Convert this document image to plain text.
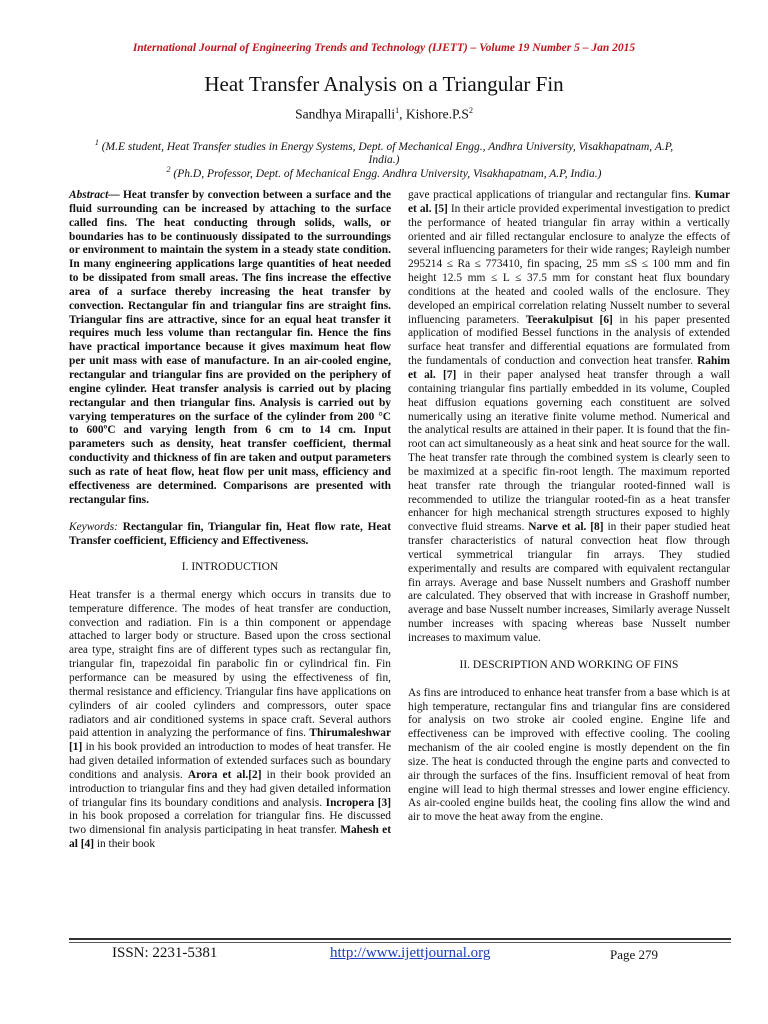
International Journal of Engineering Trends and Technology (IJETT) – Volume 19 Number 5 – Jan 2015
Heat Transfer Analysis on a Triangular Fin
Sandhya Mirapalli$^1$, $Kishore.P.S^2$
$^1$ (M.E student, Heat Transfer studies in Energy Systems, Dept. of Mechanical Engg., Andhra University, Visakhapatnam, A.P, India.)
$^2$ (Ph.D, Professor, Dept. of Mechanical Engg. Andhra University, Visakhapatnam, A.P, India.)

Abstract— Heat transfer by convection between a surface and the fluid surrounding can be increased by attaching to the surface called fins. The heat conducting through solids, walls, or boundaries has to be continuously dissipated to the surroundings or environment to maintain the system in a steady state condition. In many engineering applications large quantities of heat needed to be dissipated from small areas. The fins increase the effective area of a surface thereby increasing the heat transfer by convection. Rectangular fin and triangular fins are straight fins. Triangular fins are attractive, since for an equal heat transfer it requires much less volume than rectangular fin. Hence the fins have practical importance because it gives maximum heat flow per unit mass with ease of manufacture. In an air-cooled engine, rectangular and triangular fins are provided on the periphery of engine cylinder. Heat transfer analysis is carried out by placing rectangular and then triangular fins. Analysis is carried out by varying temperatures on the surface of the cylinder from 200 °C to 600ºC and varying length from 6 cm to 14 cm. Input parameters such as density, heat transfer coefficient, thermal conductivity and thickness of fin are taken and output parameters such as rate of heat flow, heat flow per unit mass, efficiency and effectiveness are determined. Comparisons are presented with rectangular fins.

Keywords: Rectangular fin, Triangular fin, Heat flow rate, Heat Transfer coefficient, Efficiency and Effectiveness.

I. INTRODUCTION

Heat transfer is a thermal energy which occurs in transits due to temperature difference. The modes of heat transfer are conduction, convection and radiation. Fin is a thin component or appendage attached to larger body or structure. Based upon the cross sectional area type, straight fins are of different types such as rectangular fin, triangular fin, trapezoidal fin parabolic fin or cylindrical fin. Fin performance can be measured by using the effectiveness of fin, thermal resistance and efficiency. Triangular fins have applications on cylinders of air cooled cylinders and compressors, outer space radiators and air conditioned systems in space craft. Several authors paid attention in analyzing the performance of fins. Thirumaleshwar [1] in his book provided an introduction to modes of heat transfer. He had given detailed information of extended surfaces such as boundary conditions and analysis. Arora et al.[2] in their book provided an introduction to triangular fins and they had given detailed information of triangular fins its boundary conditions and analysis. Incropera [3] in his book proposed a correlation for triangular fins. He discussed two dimensional fin analysis participating in heat transfer. Mahesh et al [4] in their book

gave practical applications of triangular and rectangular fins. Kumar et al. [5] In their article provided experimental investigation to predict the performance of heated triangular fin array within a vertically oriented and air filled rectangular enclosure to analyze the effects of several influencing parameters for their wide ranges; Rayleigh number 295214 ≤ Ra ≤ 773410, fin spacing, 25 mm ≤S ≤ 100 mm and fin height 12.5 mm ≤ L ≤ 37.5 mm for constant heat flux boundary conditions at the heated and cooled walls of the enclosure. They developed an empirical correlation relating Nusselt number to several influencing parameters. Teerakulpisut [6] in his paper presented application of modified Bessel functions in the analysis of extended surface heat transfer and differential equations are formulated from the fundamentals of conduction and convection heat transfer. Rahim et al. [7] in their paper analysed heat transfer through a wall containing triangular fins partially embedded in its volume, Coupled heat diffusion equations governing each constituent are solved numerically using an iterative finite volume method. Numerical and the analytical results are attained in their paper. It is found that the fin-root can act simultaneously as a heat sink and heat source for the wall. The heat transfer rate through the combined system is clearly seen to be maximized at a specific fin-root length. The maximum reported heat transfer rate through the triangular rooted-finned wall is recommended to utilize the triangular rooted-fin as a heat transfer enhancer for high mechanical strength structures exposed to highly convective fluid streams. Narve et al. [8] in their paper studied heat transfer characteristics of natural convection heat flow through vertical symmetrical triangular fin arrays. They studied experimentally and results are compared with equivalent rectangular fin arrays. Average and base Nusselt numbers and Grashoff number are calculated. They observed that with increase in Grashoff number, average and base Nusselt number increases, Similarly average Nusselt number increases with spacing whereas base Nusselt number increases to maximum value.

II. DESCRIPTION AND WORKING OF FINS

As fins are introduced to enhance heat transfer from a base which is at high temperature, rectangular fins and triangular fins are considered for analysis on two stroke air cooled engine. Engine life and effectiveness can be improved with effective cooling. The cooling mechanism of the air cooled engine is mostly dependent on the fin size. The heat is conducted through the engine parts and convected to air through the surfaces of the fins. Insufficient removal of heat from engine will lead to high thermal stresses and lower engine efficiency. As air-cooled engine builds heat, the cooling fins allow the wind and air to move the heat away from the engine.

ISSN: 2231-5381	http://www.ijettjournal.org	Page 279
